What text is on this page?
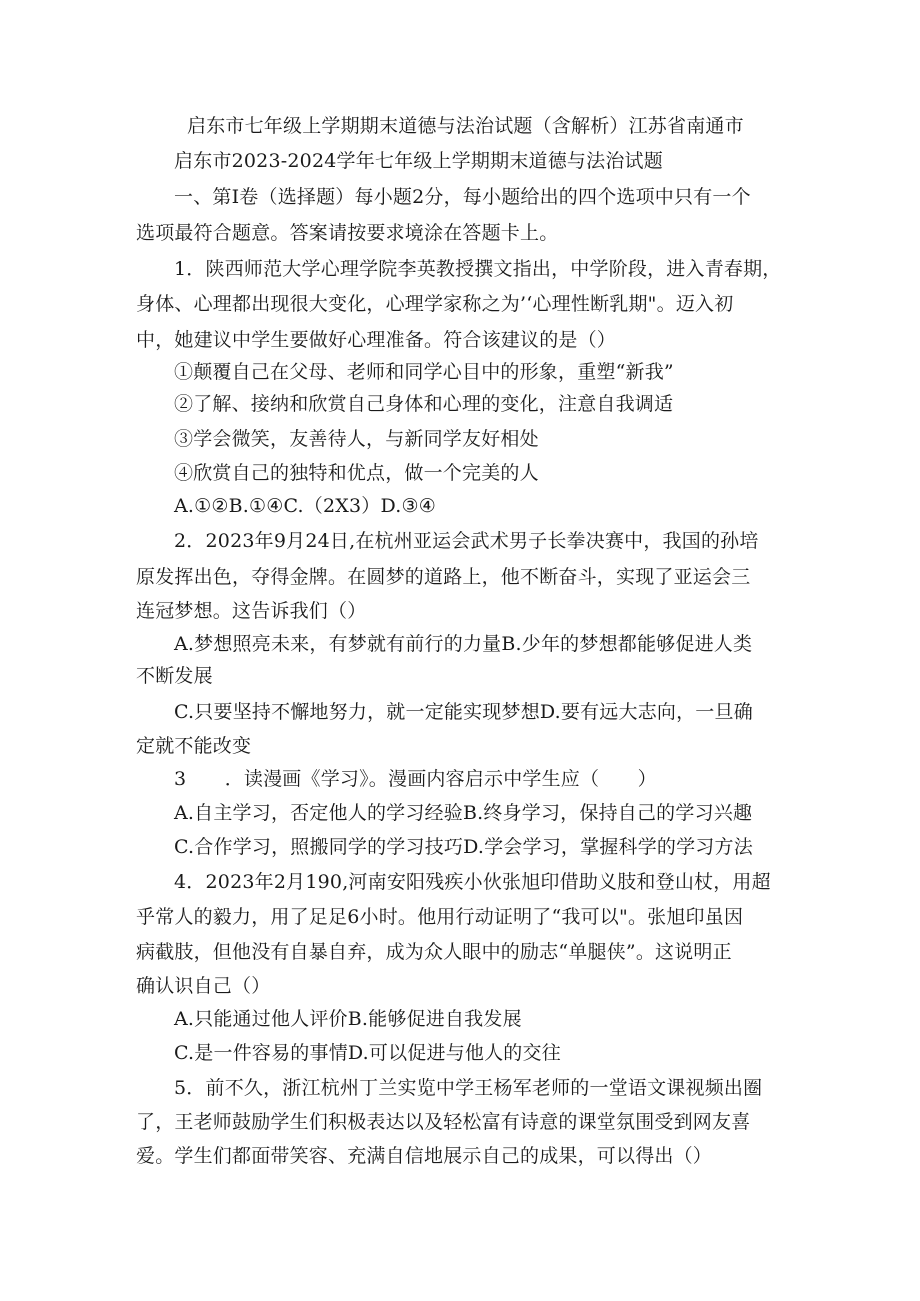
启东市七年级上学期期末道德与法治试题（含解析）江苏省南通市
启东市2023-2024学年七年级上学期期末道德与法治试题
一、第I卷（选择题）每小题2分，每小题给出的四个选项中只有一个
选项最符合题意。答案请按要求境涂在答题卡上。
1．陕西师范大学心理学院李英教授撰文指出，中学阶段，进入青春期，
身体、心理都出现很大变化，心理学家称之为’‘心理性断乳期"。迈入初
中，她建议中学生要做好心理准备。符合该建议的是（）
①颠覆自己在父母、老师和同学心目中的形象，重塑“新我”
②了解、接纳和欣赏自己身体和心理的变化，注意自我调适
③学会微笑，友善待人，与新同学友好相处
④欣赏自己的独特和优点，做一个完美的人
A.①②B.①④C.（2X3）D.③④
2．2023年9月24日,在杭州亚运会武术男子长拳决赛中，我国的孙培
原发挥出色，夺得金牌。在圆梦的道路上，他不断奋斗，实现了亚运会三
连冠梦想。这告诉我们（）
A.梦想照亮未来，有梦就有前行的力量B.少年的梦想都能够促进人类
不断发展
C.只要坚持不懈地努力，就一定能实现梦想D.要有远大志向，一旦确
定就不能改变
3　　．读漫画《学习》。漫画内容启示中学生应（　　）
A.自主学习，否定他人的学习经验B.终身学习，保持自己的学习兴趣
C.合作学习，照搬同学的学习技巧D.学会学习，掌握科学的学习方法
4．2023年2月190,河南安阳残疾小伙张旭印借助义肢和登山杖，用超
乎常人的毅力，用了足足6小时。他用行动证明了“我可以"。张旭印虽因
病截肢，但他没有自暴自弃，成为众人眼中的励志“单腿侠”。这说明正
确认识自己（）
A.只能通过他人评价B.能够促进自我发展
C.是一件容易的事情D.可以促进与他人的交往
5．前不久，浙江杭州丁兰实览中学王杨军老师的一堂语文课视频出圈
了，王老师鼓励学生们积极表达以及轻松富有诗意的课堂氛围受到网友喜
爱。学生们都面带笑容、充满自信地展示自己的成果，可以得出（）
